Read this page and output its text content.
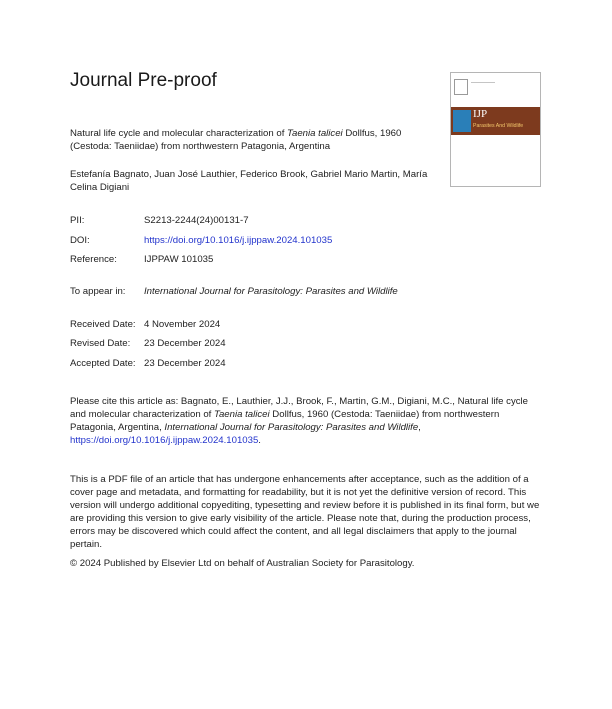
Journal Pre-proof
IJP
Parasites And Wildlife
Natural life cycle and molecular characterization of Taenia talicei Dollfus, 1960 (Cestoda: Taeniidae) from northwestern Patagonia, Argentina
Estefanía Bagnato, Juan José Lauthier, Federico Brook, Gabriel Mario Martin, María Celina Digiani
PII:	S2213-2244(24)00131-7
DOI:	https://doi.org/10.1016/j.ijppaw.2024.101035
Reference:	IJPPAW 101035
To appear in: International Journal for Parasitology: Parasites and Wildlife
Received Date: 4 November 2024
Revised Date: 23 December 2024
Accepted Date: 23 December 2024
Please cite this article as: Bagnato, E., Lauthier, J.J., Brook, F., Martin, G.M., Digiani, M.C., Natural life cycle and molecular characterization of Taenia talicei Dollfus, 1960 (Cestoda: Taeniidae) from northwestern Patagonia, Argentina, International Journal for Parasitology: Parasites and Wildlife, https://doi.org/10.1016/j.ijppaw.2024.101035.
This is a PDF file of an article that has undergone enhancements after acceptance, such as the addition of a cover page and metadata, and formatting for readability, but it is not yet the definitive version of record. This version will undergo additional copyediting, typesetting and review before it is published in its final form, but we are providing this version to give early visibility of the article. Please note that, during the production process, errors may be discovered which could affect the content, and all legal disclaimers that apply to the journal pertain.
© 2024 Published by Elsevier Ltd on behalf of Australian Society for Parasitology.
